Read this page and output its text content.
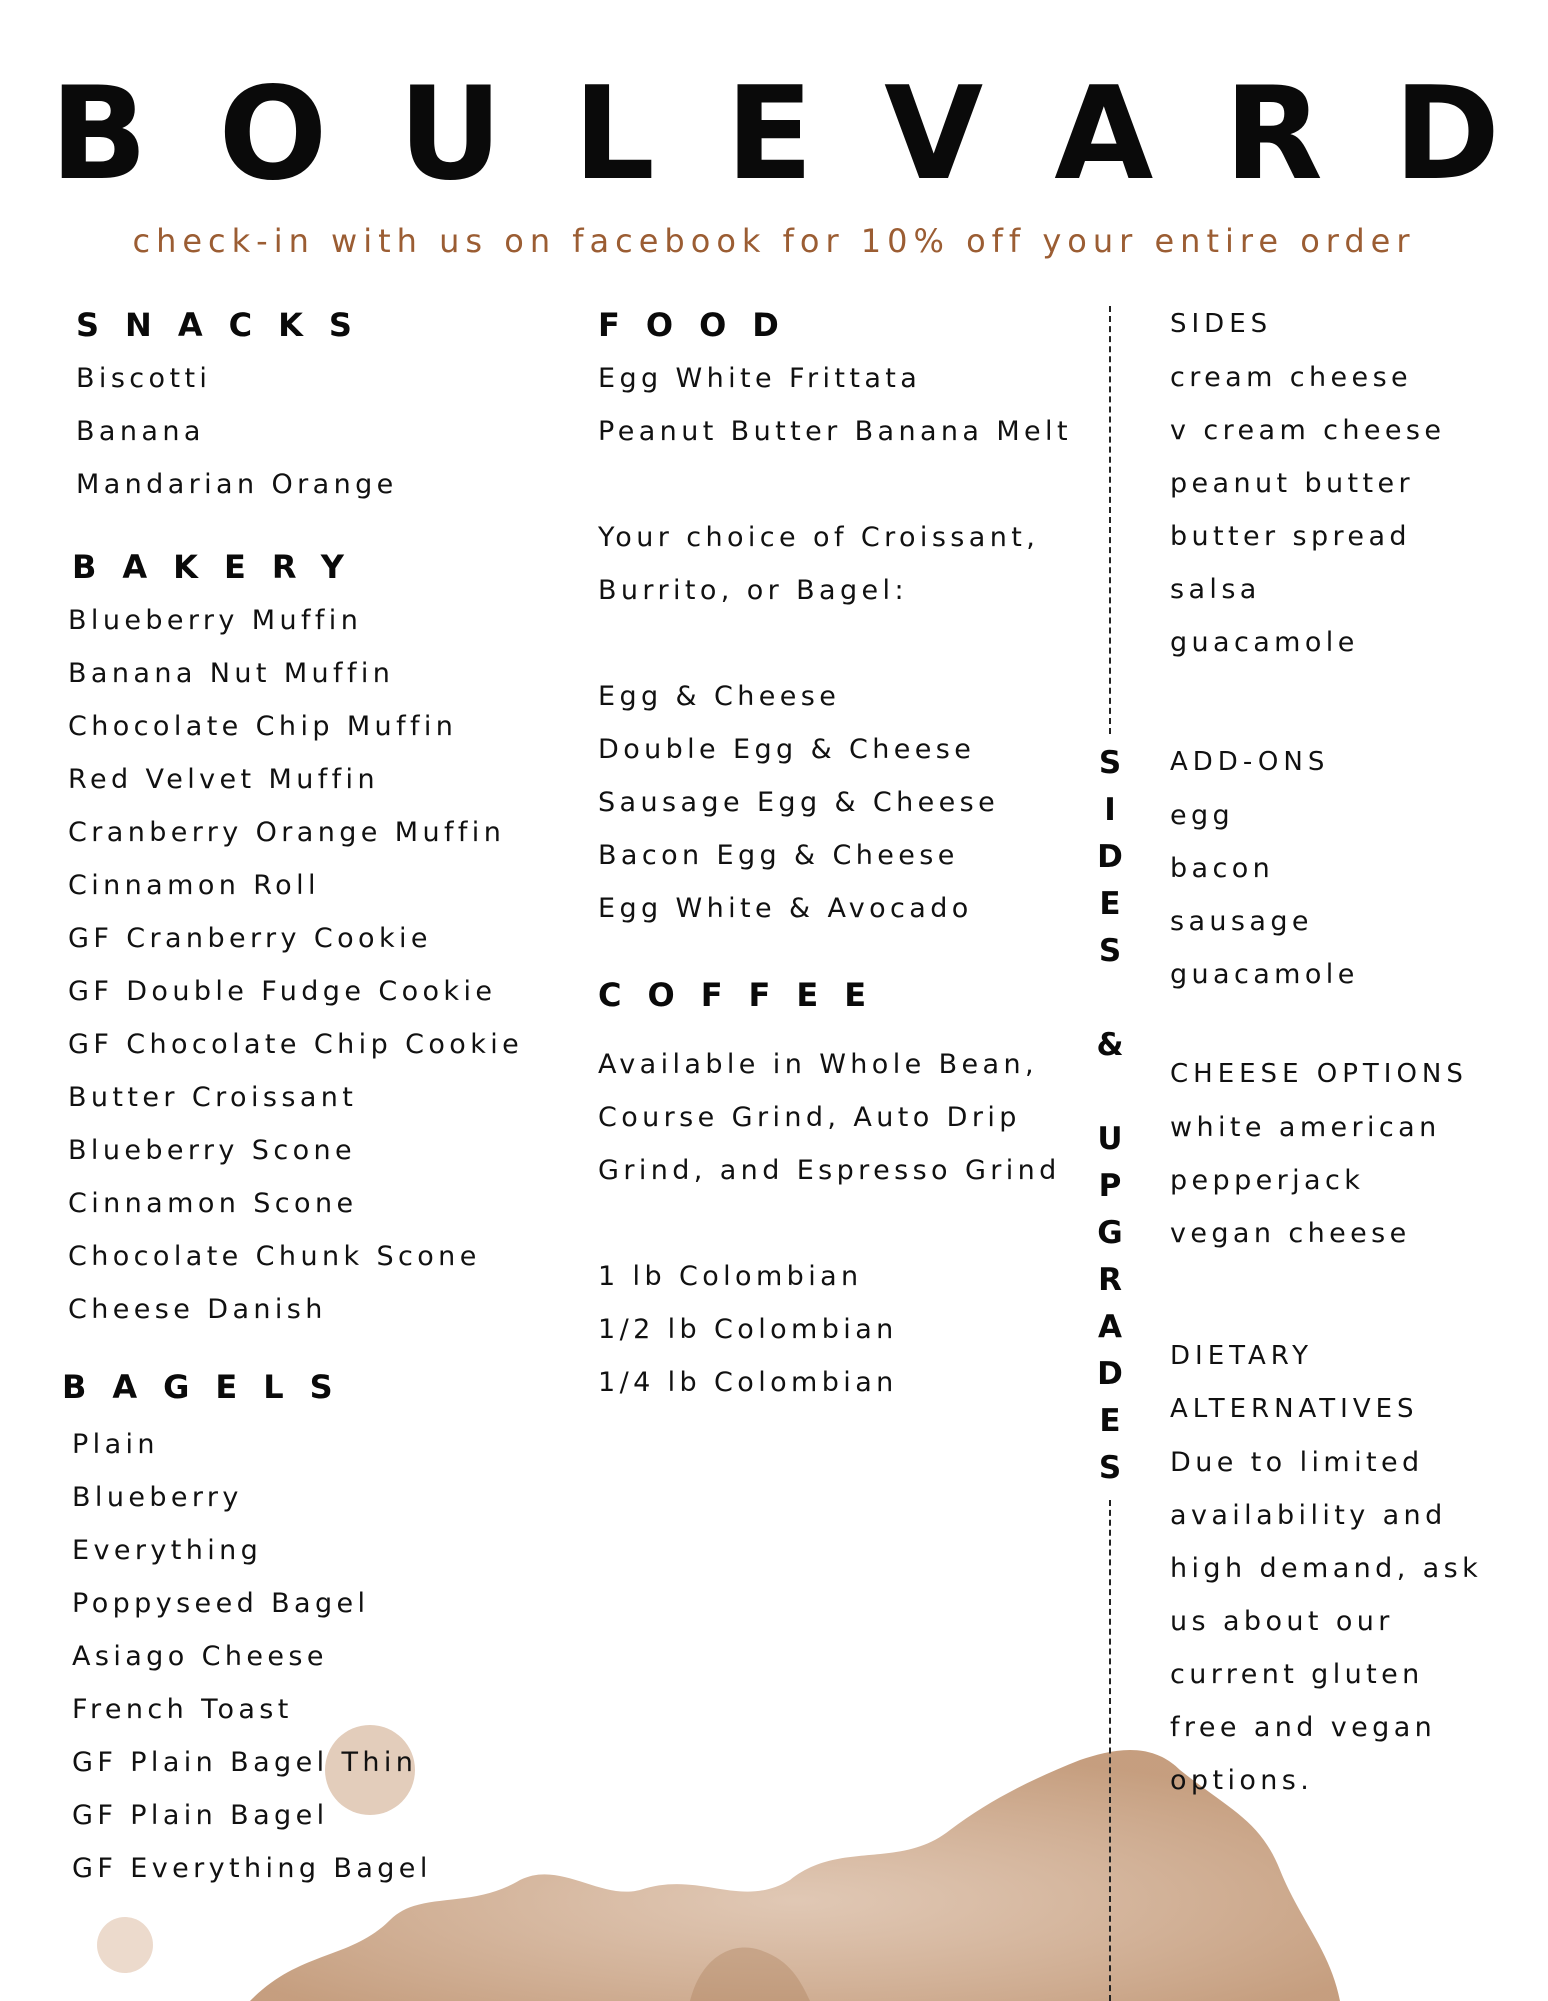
B O U L E V A R D
check-in with us on facebook for 10% off your entire order
SNACKS
Biscotti
Banana
Mandarian Orange
BAKERY
Blueberry Muffin
Banana Nut Muffin
Chocolate Chip Muffin
Red Velvet Muffin
Cranberry Orange Muffin
Cinnamon Roll
GF Cranberry Cookie
GF Double Fudge Cookie
GF Chocolate Chip Cookie
Butter Croissant
Blueberry Scone
Cinnamon Scone
Chocolate Chunk Scone
Cheese Danish
BAGELS
Plain
Blueberry
Everything
Poppyseed Bagel
Asiago Cheese
French Toast
GF Plain Bagel Thin
GF Plain Bagel
GF Everything Bagel
FOOD
Egg White Frittata
Peanut Butter Banana Melt
Your choice of Croissant,
Burrito, or Bagel:
Egg & Cheese
Double Egg & Cheese
Sausage Egg & Cheese
Bacon Egg & Cheese
Egg White & Avocado
COFFEE
Available in Whole Bean,
Course Grind, Auto Drip
Grind, and Espresso Grind
1 lb Colombian
1/2 lb Colombian
1/4 lb Colombian
S
I
D
E
S
&
U
P
G
R
A
D
E
S
SIDES
cream cheese
v cream cheese
peanut butter
butter spread
salsa
guacamole
ADD-ONS
egg
bacon
sausage
guacamole
CHEESE OPTIONS
white american
pepperjack
vegan cheese
DIETARY
ALTERNATIVES
Due to limited
availability and
high demand, ask
us about our
current gluten
free and vegan
options.
